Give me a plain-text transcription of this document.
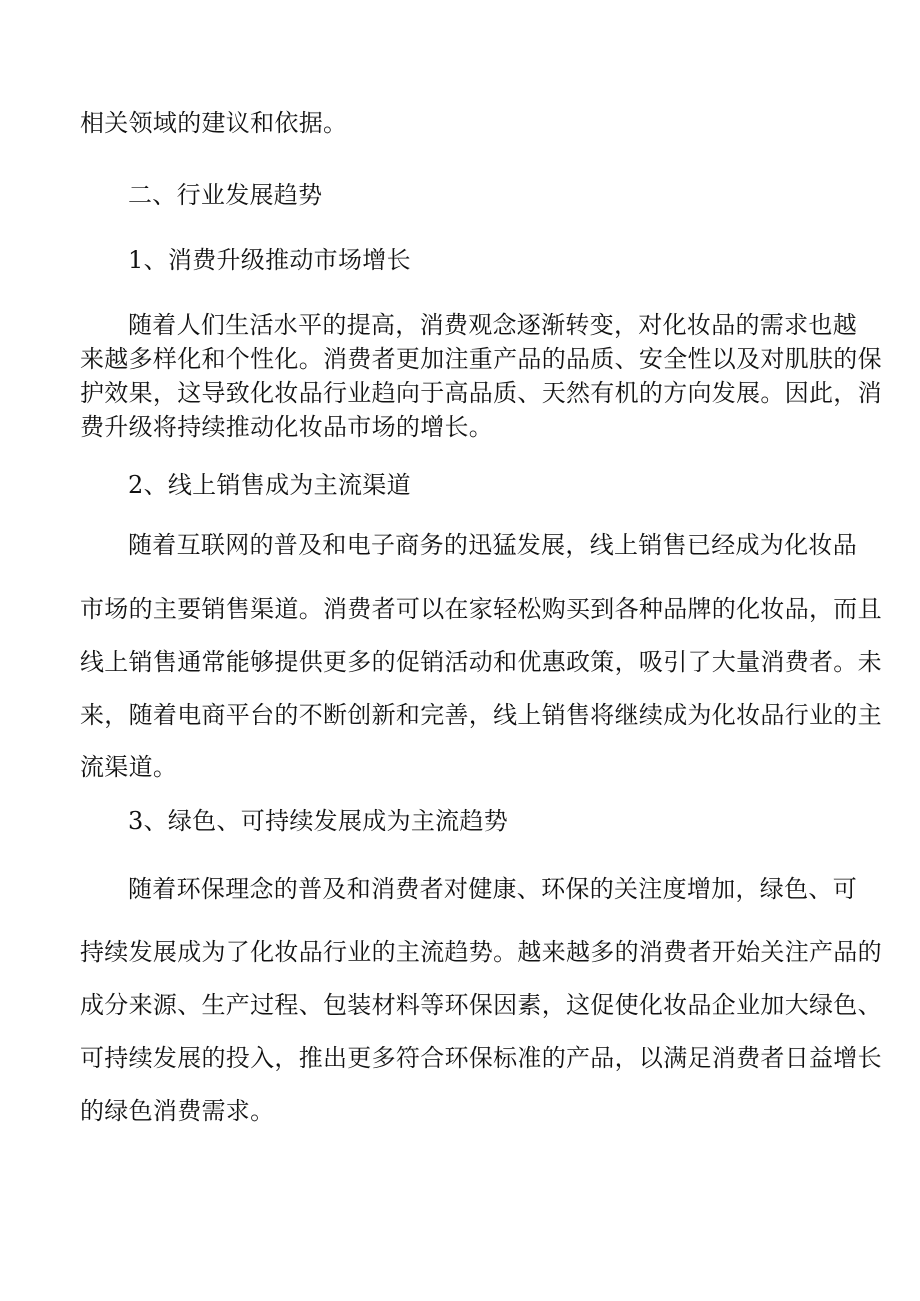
相关领域的建议和依据。
二、行业发展趋势
1、消费升级推动市场增长
随着人们生活水平的提高，消费观念逐渐转变，对化妆品的需求也越
来越多样化和个性化。消费者更加注重产品的品质、安全性以及对肌肤的保
护效果，这导致化妆品行业趋向于高品质、天然有机的方向发展。因此，消
费升级将持续推动化妆品市场的增长。
2、线上销售成为主流渠道
随着互联网的普及和电子商务的迅猛发展，线上销售已经成为化妆品
市场的主要销售渠道。消费者可以在家轻松购买到各种品牌的化妆品，而且
线上销售通常能够提供更多的促销活动和优惠政策，吸引了大量消费者。未
来，随着电商平台的不断创新和完善，线上销售将继续成为化妆品行业的主
流渠道。
3、绿色、可持续发展成为主流趋势
随着环保理念的普及和消费者对健康、环保的关注度增加，绿色、可
持续发展成为了化妆品行业的主流趋势。越来越多的消费者开始关注产品的
成分来源、生产过程、包装材料等环保因素，这促使化妆品企业加大绿色、
可持续发展的投入，推出更多符合环保标准的产品，以满足消费者日益增长
的绿色消费需求。
